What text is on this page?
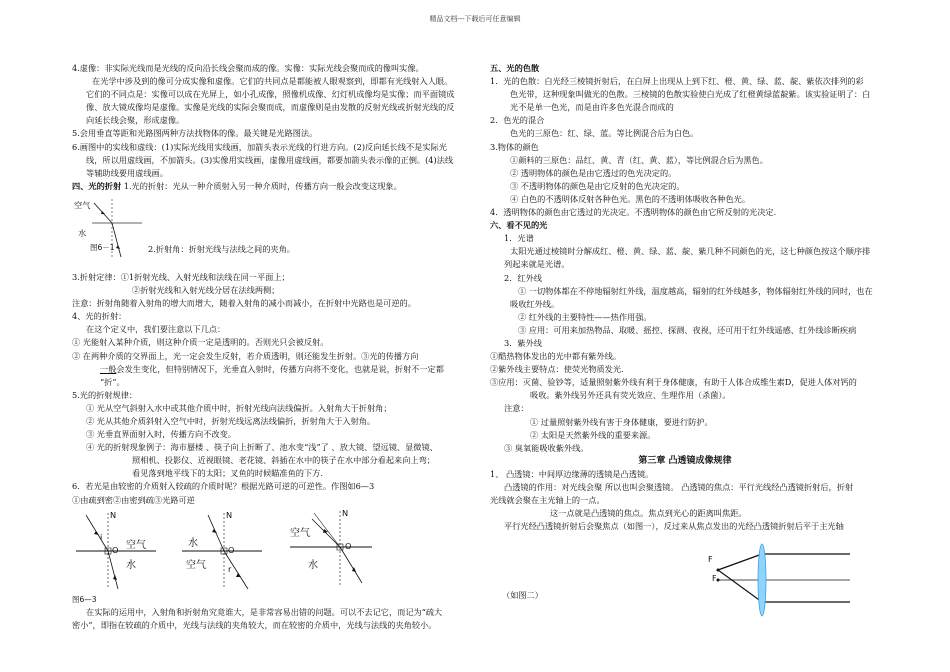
精品文档---下载后可任意编辑

4.虚像：非实际光线而是光线的反向沿长线会聚而成的像。实像：实际光线会聚而成的像叫实像。

在光学中涉及到的像可分成实像和虚像。它们的共同点是都能被人眼观察到，即都有光线射入人眼。

它们的不同点是：实像可以成在光屏上，如小孔成像，照像机成像、幻灯机成像均是实像；而平面镜成

像、放大镜成像均是虚像。实像是光线的实际会聚而成，而虚像则是由发散的反射光线或折射光线的反

向延长线会聚，形成虚像。

5.会用垂直等距和光路图两种方法找物体的像。最关键是光路图法。

6.画图中的实线和虚线：(1)实际光线用实线画，加箭头表示光线的行进方向。(2)反向延长线不是实际光

线，所以用虚线画，不加箭头。(3)实像用实线画，虚像用虚线画，都要加箭头表示像的正倒。(4)法线

等辅助线要用虚线画。

四、光的折射 1.光的折射：光从一种介质射入另一种介质时，传播方向一般会改变这现象。

空气
水
图6－1	2.折射角：折射光线与法线之间的夹角。

3.折射定律：①1折射光线、入射光线和法线在同一平面上；

②折射光线和入射光线分居在法线两侧；

注意：折射角随着入射角的增大而增大，随着入射角的减小而减小，在折射中光路也是可逆的。

4、光的折射：

在这个定义中，我们要注意以下几点：

① 光能射入某种介质，则这种介质一定是透明的。否则光只会被反射。

② 在两种介质的交界面上，光一定会发生反射，若介质透明，则还能发生折射。③光的传播方向

一般会发生变化，但特别情况下，光垂直入射时，传播方向将不变化，也就是说，折射不一定都

“折”。

5.光的折射规律：

① 光从空气斜射入水中或其他介质中时，折射光线向法线偏折。入射角大于折射角；

② 光从其他介质斜射入空气中时，折射光线远离法线偏折，折射角大于入射角。

③ 光垂直界面射入时，传播方向不改变。

④ 光的折射现象例子：海市蜃楼 、筷子向上折断了、池水变“浅”了 、放大镜、望远镜、显微镜、

照相机、投影仪、近视眼镜、老花镜、斜插在水中的筷子在水中部分看起来向上弯；

看见落到地平线下的太阳；叉鱼的时候瞄准鱼的下方.

6．若光是由较密的介质射入较疏的介质时呢？根据光路可逆的可逆性。作图如6—3

①由疏到密②由密到疏③光路可逆

N
i
O 空气
水
N
O
r
水
空气
N
O
空气
水

图6—3

在实际的运用中，入射角和折射角究竟谁大，是非常容易出错的问题。可以不去记它，而记为“疏大

密小”，即指在较疏的介质中，光线与法线的夹角较大，而在较密的介质中，光线与法线的夹角较小。

五、光的色散

1．光的色散：白光经三棱镜折射后，在白屏上出现从上到下红、橙、黄、绿、蓝、靛、紫依次排列的彩

色光带，这种现象叫做光的色散。三棱镜的色散实验使白光成了红橙黄绿蓝靛紫。该实验证明了：白

光不是单一色光，而是由许多色光混合而成的

2．色光的混合

色光的三原色：红、绿、蓝。等比例混合后为白色。

3.物体的颜色

①颜料的三原色：品红、黄、青（红、黄、蓝），等比例混合后为黑色。

② 透明物体的颜色是由它透过的色光决定的。

③ 不透明物体的颜色是由它反射的色光决定的。

④ 白色的不透明体反射各种色光。黑色的不透明体吸收各种色光。

4．透明物体的颜色由它透过的光决定。不透明物体的颜色由它所反射的光决定.

六、看不见的光

1．光谱

太阳光通过棱镜时分解成红、橙、黄、绿、蓝、靛、紫几种不同颜色的光，这七种颜色按这个顺序排

列起来就是光谱。

2．红外线

① 一切物体都在不停地辐射红外线，温度越高，辐射的红外线越多，物体辐射红外线的同时，也在

吸收红外线。

② 红外线的主要特性——热作用强。

③ 应用：可用来加热物品、取暖、摇控、探测、夜视，还可用于红外线遥感、红外线诊断疾病

3．紫外线

①酷热物体发出的光中都有紫外线。

②紫外线主要特点：使荧光物质发光.

③应用：灭菌、验钞等，适量照射紫外线有利于身体健康，有助于人体合成维生素D，促进人体对钙的

吸收。紫外线另外还具有荧光效应、生理作用（杀菌）。

注意：

① 过量照射紫外线有害于身体健康，要进行防护。

② 太阳是天然紫外线的重要来源。

③ 臭氧能吸收紫外线。

第三章 凸透镜成像规律

1、 凸透镜：中间厚边缘薄的透镜是凸透镜。

凸透镜的作用：对光线会聚 所以也叫会聚透镜。 凸透镜的焦点：平行光线经凸透镜折射后，折射

光线就会聚在主光轴上的一点。

这一点就是凸透镜的焦点。焦点到光心的距离叫焦距。

平行光经凸透镜折射后会聚焦点（如图一），反过来从焦点发出的光经凸透镜折射后平于主光轴

F
F
（如图二）
